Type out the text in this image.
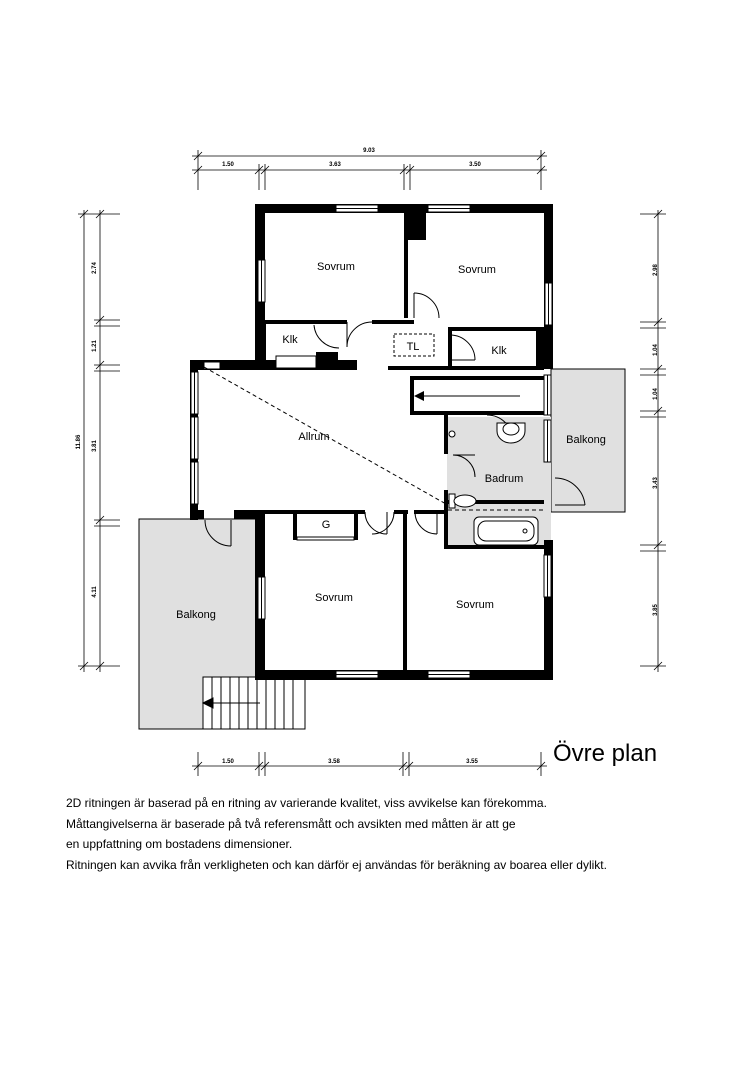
Sovrum	Sovrum
Klk
TL	Klk
Allrum	Balkong
Badrum
G
Sovrum
Sovrum
Balkong
9.03
1.50	3.63	3.50
1.50	3.58	3.55
11.86
2.74
1.21
3.81
4.11
2.98
1.04
1.04
3.43
3.85
Övre plan

2D ritningen är baserad på en ritning av varierande kvalitet, viss avvikelse kan förekomma.

Måttangivelserna är baserade på två referensmått och avsikten med måtten är att ge

en uppfattning om bostadens dimensioner.

Ritningen kan avvika från verkligheten och kan därför ej användas för beräkning av boarea eller dylikt.
